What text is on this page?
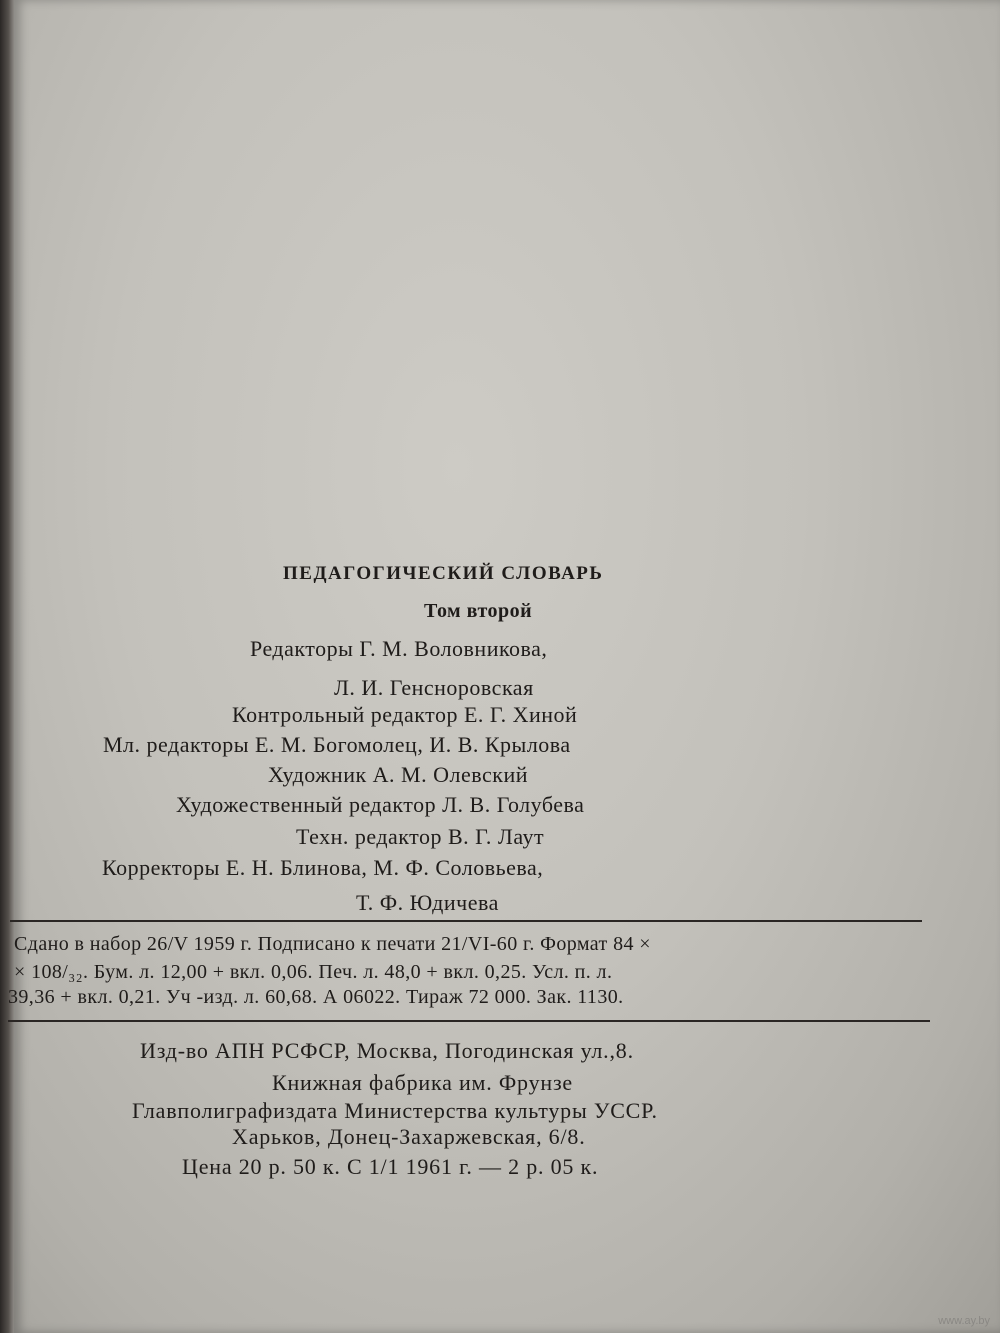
ПЕДАГОГИЧЕСКИЙ СЛОВАРЬ
Том второй
Редакторы Г. М. Воловникова,
Л. И. Генсноровская
Контрольный редактор Е. Г. Хиной
Мл. редакторы Е. М. Богомолец, И. В. Крылова
Художник А. М. Олевский
Художественный редактор Л. В. Голубева
Техн. редактор В. Г. Лаут
Корректоры Е. Н. Блинова, М. Ф. Соловьева,
Т. Ф. Юдичева
Сдано в набор 26/V 1959 г. Подписано к печати 21/VI-60 г. Формат 84 ×
× 108/₃₂. Бум. л. 12,00 + вкл. 0,06. Печ. л. 48,0 + вкл. 0,25. Усл. п. л.
39,36 + вкл. 0,21. Уч -изд. л. 60,68. А 06022. Тираж 72 000. Зак. 1130.
Изд-во АПН РСФСР, Москва, Погодинская ул.,8.
Книжная фабрика им. Фрунзе
Главполиграфиздата Министерства культуры УССР.
Харьков, Донец-Захаржевская, 6/8.
Цена 20 р. 50 к. С 1/1 1961 г. — 2 р. 05 к.
www.ay.by
